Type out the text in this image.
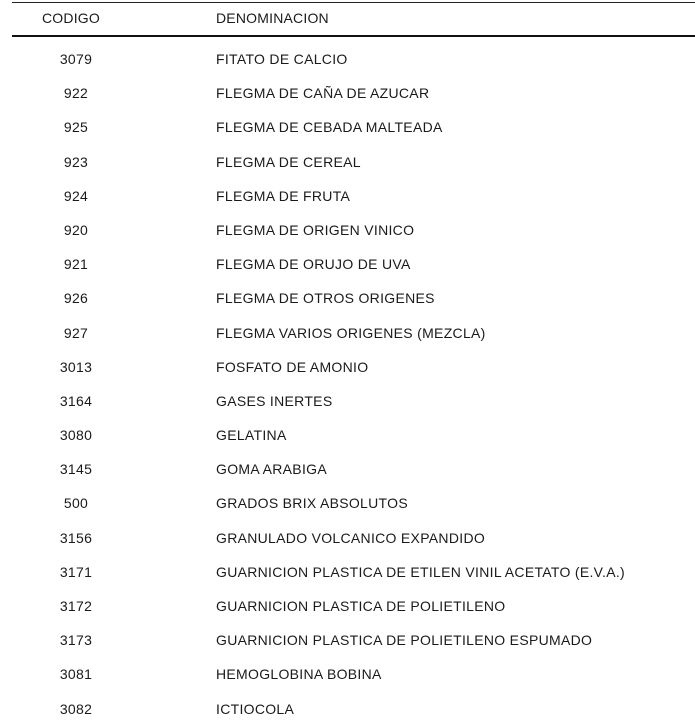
CODIGO	DENOMINACION
3079	FITATO DE CALCIO
922	FLEGMA DE CAÑA DE AZUCAR
925	FLEGMA DE CEBADA MALTEADA
923	FLEGMA DE CEREAL
924	FLEGMA DE FRUTA
920	FLEGMA DE ORIGEN VINICO
921	FLEGMA DE ORUJO DE UVA
926	FLEGMA DE OTROS ORIGENES
927	FLEGMA VARIOS ORIGENES (MEZCLA)
3013	FOSFATO DE AMONIO
3164	GASES INERTES
3080	GELATINA
3145	GOMA ARABIGA
500	GRADOS BRIX ABSOLUTOS
3156	GRANULADO VOLCANICO EXPANDIDO
3171	GUARNICION PLASTICA DE ETILEN VINIL ACETATO (E.V.A.)
3172	GUARNICION PLASTICA DE POLIETILENO
3173	GUARNICION PLASTICA DE POLIETILENO ESPUMADO
3081	HEMOGLOBINA BOBINA
3082	ICTIOCOLA
